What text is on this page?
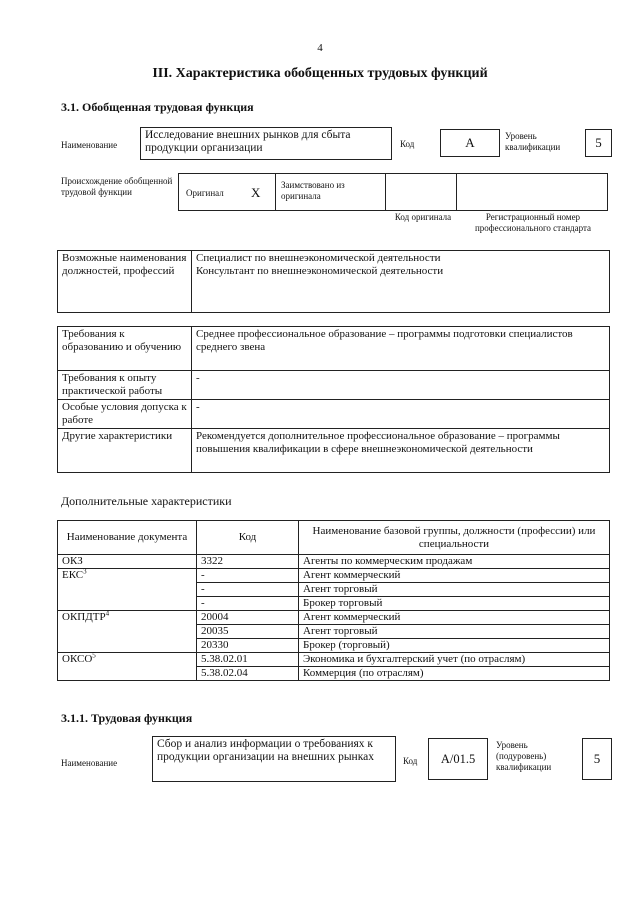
4
III. Характеристика обобщенных трудовых функций
3.1. Обобщенная трудовая функция
Наименование
Исследование внешних рынков для сбыта продукции организации	Код	A	Уровень квалификации	5
Происхождение обобщенной трудовой функции	Оригинал X Заимствовано из оригинала
Код оригинала	Регистрационный номер профессионального стандарта
Возможные наименования должностей, профессий	
Специалист по внешнеэкономической деятельности
Консультант по внешнеэкономической деятельности
Требования к образованию и обучению	Среднее профессиональное образование – программы подготовки специалистов среднего звена
Требования к опыту практической работы	-
Особые условия допуска к работе	-
Другие характеристики	Рекомендуется дополнительное профессиональное образование – программы повышения квалификации в сфере внешнеэкономической деятельности
Дополнительные характеристики
Наименование документа	Код	Наименование базовой группы, должности (профессии) или специальности
ОКЗ	3322	Агенты по коммерческим продажам
ЕКС$^3$	-	Агент коммерческий
	-	Агент торговый
	-	Брокер торговый
ОКПДТР$^4$	20004	Агент коммерческий
	20035	Агент торговый
	20330	Брокер (торговый)
ОКСО$^5$	5.38.02.01	Экономика и бухгалтерский учет (по отраслям)
	5.38.02.04	Коммерция (по отраслям)
3.1.1. Трудовая функция
Наименование
Сбор и анализ информации о требованиях к продукции организации на внешних рынках	Код	A/01.5
Уровень (подуровень) квалификации
5
